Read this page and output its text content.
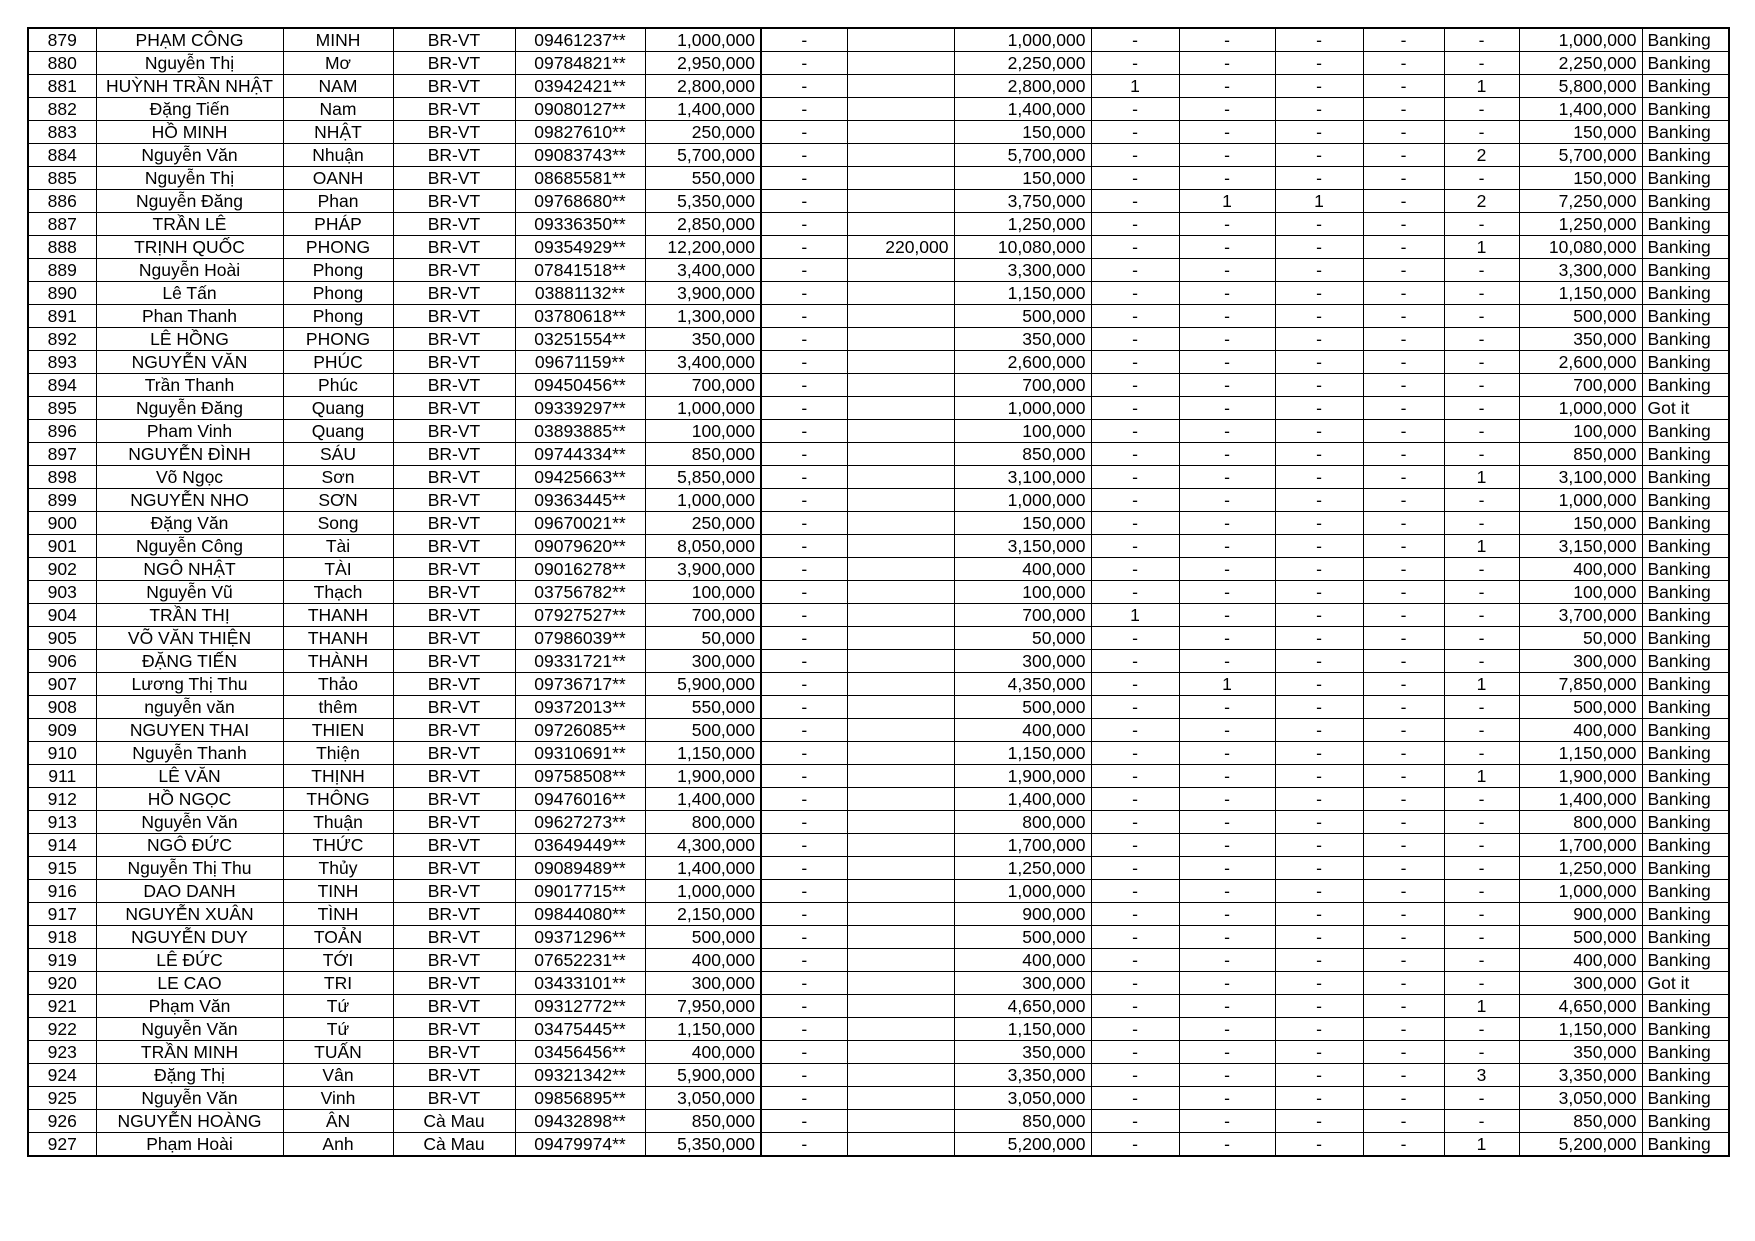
879	PHẠM CÔNG	MINH	BR-VT	09461237**	1,000,000	-		1,000,000	-	-	-	-	-	1,000,000	Banking
880	Nguyễn Thị	Mơ	BR-VT	09784821**	2,950,000	-		2,250,000	-	-	-	-	-	2,250,000	Banking
881	HUỲNH TRẦN NHẬT	NAM	BR-VT	03942421**	2,800,000	-		2,800,000	1	-	-	-	1	5,800,000	Banking
882	Đặng Tiến	Nam	BR-VT	09080127**	1,400,000	-		1,400,000	-	-	-	-	-	1,400,000	Banking
883	HỒ MINH	NHẬT	BR-VT	09827610**	250,000	-		150,000	-	-	-	-	-	150,000	Banking
884	Nguyễn Văn	Nhuận	BR-VT	09083743**	5,700,000	-		5,700,000	-	-	-	-	2	5,700,000	Banking
885	Nguyễn Thị	OANH	BR-VT	08685581**	550,000	-		150,000	-	-	-	-	-	150,000	Banking
886	Nguyễn Đăng	Phan	BR-VT	09768680**	5,350,000	-		3,750,000	-	1	1	-	2	7,250,000	Banking
887	TRẦN LÊ	PHÁP	BR-VT	09336350**	2,850,000	-		1,250,000	-	-	-	-	-	1,250,000	Banking
888	TRỊNH QUỐC	PHONG	BR-VT	09354929**	12,200,000	-	220,000	10,080,000	-	-	-	-	1	10,080,000	Banking
889	Nguyễn Hoài	Phong	BR-VT	07841518**	3,400,000	-		3,300,000	-	-	-	-	-	3,300,000	Banking
890	Lê Tấn	Phong	BR-VT	03881132**	3,900,000	-		1,150,000	-	-	-	-	-	1,150,000	Banking
891	Phan Thanh	Phong	BR-VT	03780618**	1,300,000	-		500,000	-	-	-	-	-	500,000	Banking
892	LÊ HỒNG	PHONG	BR-VT	03251554**	350,000	-		350,000	-	-	-	-	-	350,000	Banking
893	NGUYỄN VĂN	PHÚC	BR-VT	09671159**	3,400,000	-		2,600,000	-	-	-	-	-	2,600,000	Banking
894	Trần Thanh	Phúc	BR-VT	09450456**	700,000	-		700,000	-	-	-	-	-	700,000	Banking
895	Nguyễn Đăng	Quang	BR-VT	09339297**	1,000,000	-		1,000,000	-	-	-	-	-	1,000,000	Got it
896	Pham Vinh	Quang	BR-VT	03893885**	100,000	-		100,000	-	-	-	-	-	100,000	Banking
897	NGUYỄN ĐÌNH	SÁU	BR-VT	09744334**	850,000	-		850,000	-	-	-	-	-	850,000	Banking
898	Võ Ngọc	Sơn	BR-VT	09425663**	5,850,000	-		3,100,000	-	-	-	-	1	3,100,000	Banking
899	NGUYỄN NHO	SƠN	BR-VT	09363445**	1,000,000	-		1,000,000	-	-	-	-	-	1,000,000	Banking
900	Đặng Văn	Song	BR-VT	09670021**	250,000	-		150,000	-	-	-	-	-	150,000	Banking
901	Nguyễn Công	Tài	BR-VT	09079620**	8,050,000	-		3,150,000	-	-	-	-	1	3,150,000	Banking
902	NGÔ NHẬT	TÀI	BR-VT	09016278**	3,900,000	-		400,000	-	-	-	-	-	400,000	Banking
903	Nguyễn Vũ	Thạch	BR-VT	03756782**	100,000	-		100,000	-	-	-	-	-	100,000	Banking
904	TRẦN THỊ	THANH	BR-VT	07927527**	700,000	-		700,000	1	-	-	-	-	3,700,000	Banking
905	VÕ VĂN THIỆN	THANH	BR-VT	07986039**	50,000	-		50,000	-	-	-	-	-	50,000	Banking
906	ĐẶNG TIẾN	THÀNH	BR-VT	09331721**	300,000	-		300,000	-	-	-	-	-	300,000	Banking
907	Lương Thị Thu	Thảo	BR-VT	09736717**	5,900,000	-		4,350,000	-	1	-	-	1	7,850,000	Banking
908	nguyễn văn	thêm	BR-VT	09372013**	550,000	-		500,000	-	-	-	-	-	500,000	Banking
909	NGUYEN THAI	THIEN	BR-VT	09726085**	500,000	-		400,000	-	-	-	-	-	400,000	Banking
910	Nguyễn Thanh	Thiện	BR-VT	09310691**	1,150,000	-		1,150,000	-	-	-	-	-	1,150,000	Banking
911	LÊ VĂN	THỊNH	BR-VT	09758508**	1,900,000	-		1,900,000	-	-	-	-	1	1,900,000	Banking
912	HỒ NGỌC	THÔNG	BR-VT	09476016**	1,400,000	-		1,400,000	-	-	-	-	-	1,400,000	Banking
913	Nguyễn Văn	Thuận	BR-VT	09627273**	800,000	-		800,000	-	-	-	-	-	800,000	Banking
914	NGÔ ĐỨC	THỨC	BR-VT	03649449**	4,300,000	-		1,700,000	-	-	-	-	-	1,700,000	Banking
915	Nguyễn Thị Thu	Thủy	BR-VT	09089489**	1,400,000	-		1,250,000	-	-	-	-	-	1,250,000	Banking
916	DAO DANH	TINH	BR-VT	09017715**	1,000,000	-		1,000,000	-	-	-	-	-	1,000,000	Banking
917	NGUYỄN XUÂN	TÌNH	BR-VT	09844080**	2,150,000	-		900,000	-	-	-	-	-	900,000	Banking
918	NGUYỄN DUY	TOẢN	BR-VT	09371296**	500,000	-		500,000	-	-	-	-	-	500,000	Banking
919	LÊ ĐỨC	TỚI	BR-VT	07652231**	400,000	-		400,000	-	-	-	-	-	400,000	Banking
920	LE CAO	TRI	BR-VT	03433101**	300,000	-		300,000	-	-	-	-	-	300,000	Got it
921	Phạm Văn	Tứ	BR-VT	09312772**	7,950,000	-		4,650,000	-	-	-	-	1	4,650,000	Banking
922	Nguyễn Văn	Tứ	BR-VT	03475445**	1,150,000	-		1,150,000	-	-	-	-	-	1,150,000	Banking
923	TRẦN MINH	TUẤN	BR-VT	03456456**	400,000	-		350,000	-	-	-	-	-	350,000	Banking
924	Đặng Thị	Vân	BR-VT	09321342**	5,900,000	-		3,350,000	-	-	-	-	3	3,350,000	Banking
925	Nguyễn Văn	Vinh	BR-VT	09856895**	3,050,000	-		3,050,000	-	-	-	-	-	3,050,000	Banking
926	NGUYỄN HOÀNG	ÂN	Cà Mau	09432898**	850,000	-		850,000	-	-	-	-	-	850,000	Banking
927	Phạm Hoài	Anh	Cà Mau	09479974**	5,350,000	-		5,200,000	-	-	-	-	1	5,200,000	Banking
